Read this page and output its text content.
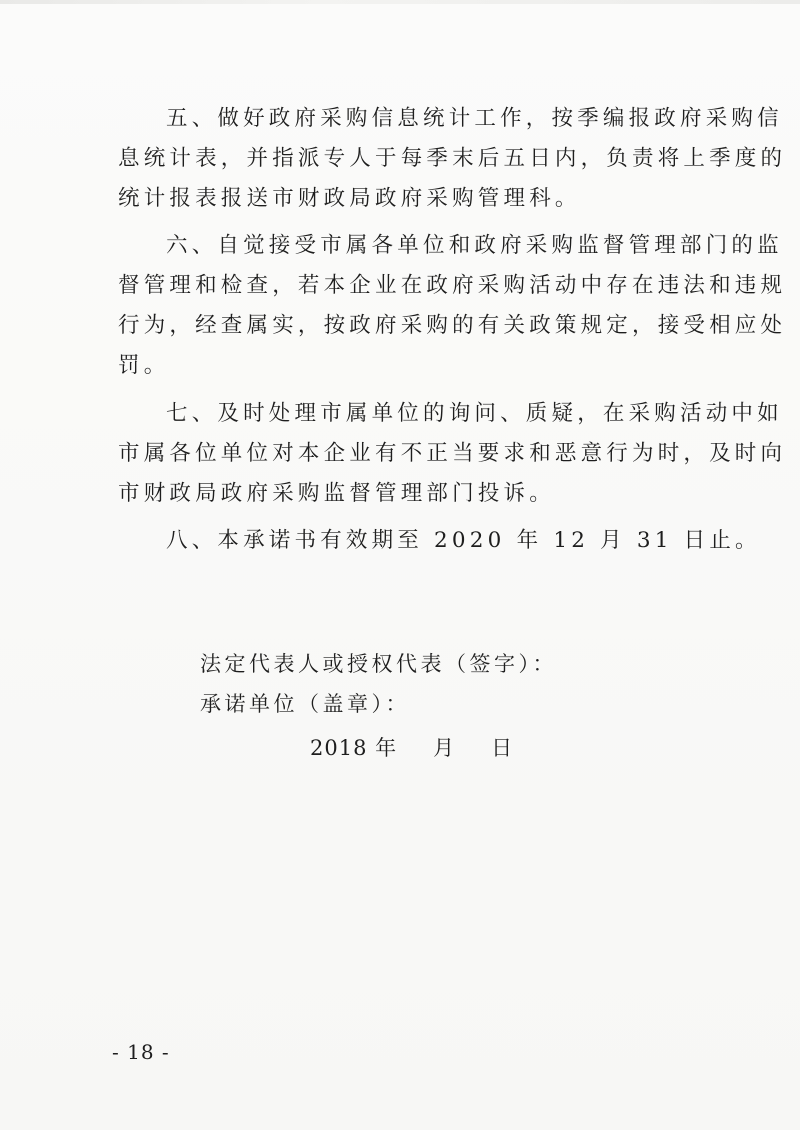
五、做好政府采购信息统计工作，按季编报政府采购信
息统计表，并指派专人于每季末后五日内，负责将上季度的
统计报表报送市财政局政府采购管理科。

六、自觉接受市属各单位和政府采购监督管理部门的监
督管理和检查，若本企业在政府采购活动中存在违法和违规
行为，经查属实，按政府采购的有关政策规定，接受相应处
罚。

七、及时处理市属单位的询问、质疑，在采购活动中如
市属各位单位对本企业有不正当要求和恶意行为时，及时向
市财政局政府采购监督管理部门投诉。

八、本承诺书有效期至 2020 年 12 月 31 日止。

法定代表人或授权代表（签字）：
承诺单位（盖章）：
2018 年 月 日
- 18 -
